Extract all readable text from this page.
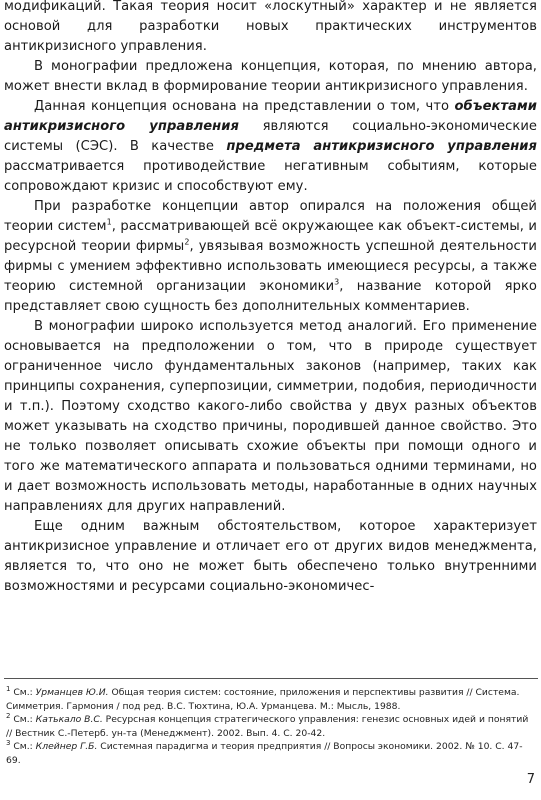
модификаций. Такая теория носит «лоскутный» характер и не является основой для разработки новых практических инструментов антикризисного управления.

В монографии предложена концепция, которая, по мнению автора, может внести вклад в формирование теории антикризисного управления.

Данная концепция основана на представлении о том, что объектами антикризисного управления являются социально-экономические системы (СЭС). В качестве предмета антикризисного управления рассматривается противодействие негативным событиям, которые сопровождают кризис и способствуют ему.

При разработке концепции автор опирался на положения общей теории систем$^1$, рассматривающей всё окружающее как объект-системы, и ресурсной теории фирмы$^2$, увязывая возможность успешной деятельности фирмы с умением эффективно использовать имеющиеся ресурсы, а также теорию системной организации экономики$^3$, название которой ярко представляет свою сущность без дополнительных комментариев.

В монографии широко используется метод аналогий. Его применение основывается на предположении о том, что в природе существует ограниченное число фундаментальных законов (например, таких как принципы сохранения, суперпозиции, симметрии, подобия, периодичности и т.п.). Поэтому сходство какого-либо свойства у двух разных объектов может указывать на сходство причины, породившей данное свойство. Это не только позволяет описывать схожие объекты при помощи одного и того же математического аппарата и пользоваться одними терминами, но и дает возможность использовать методы, наработанные в одних научных направлениях для других направлений.

Еще одним важным обстоятельством, которое характеризует антикризисное управление и отличает его от других видов менеджмента, является то, что оно не может быть обеспечено только внутренними возможностями и ресурсами социально-экономичес-

$^1$ См.: Урманцев Ю.И. Общая теория систем: состояние, приложения и перспективы развития // Система. Симметрия. Гармония / под ред. В.С. Тюхтина, Ю.А. Урманцева. М.: Мысль, 1988.

$^2$ См.: Катькало В.С. Ресурсная концепция стратегического управления: генезис основных идей и понятий // Вестник С.-Петерб. ун-та (Менеджмент). 2002. Вып. 4. С. 20-42.

$^3$ См.: Клейнер Г.Б. Системная парадигма и теория предприятия // Вопросы экономики. 2002. № 10. С. 47-69.

7
